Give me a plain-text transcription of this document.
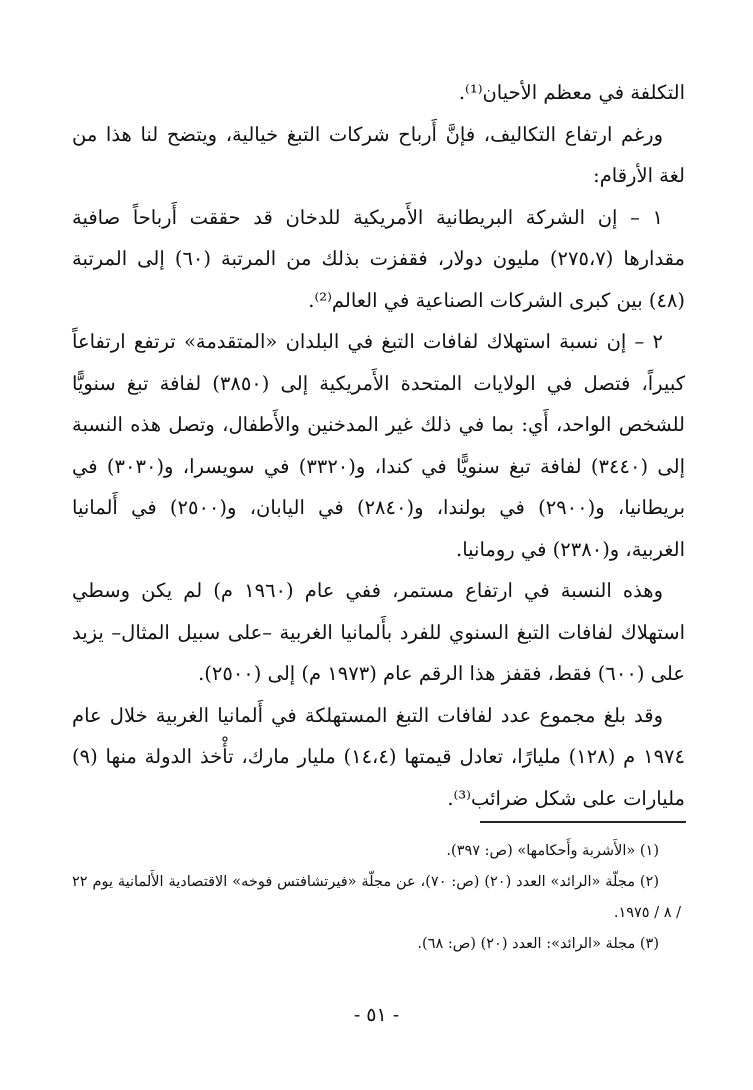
التكلفة في معظم الأحيان⁽¹⁾.

ورغم ارتفاع التكاليف، فإنَّ أَرباح شركات التبغ خيالية، ويتضح لنا هذا من لغة الأرقام:

١ – إن الشركة البريطانية الأَمريكية للدخان قد حققت أَرباحاً صافية مقدارها (٢٧٥،٧) مليون دولار، فقفزت بذلك من المرتبة (٦٠) إلى المرتبة (٤٨) بين كبرى الشركات الصناعية في العالم⁽²⁾.

٢ – إن نسبة استهلاك لفافات التبغ في البلدان «المتقدمة» ترتفع ارتفاعاً كبيراً، فتصل في الولايات المتحدة الأَمريكية إلى (٣٨٥٠) لفافة تبغ سنويًّا للشخص الواحد، أَي: بما في ذلك غير المدخنين والأَطفال، وتصل هذه النسبة إلى (٣٤٤٠) لفافة تبغ سنويًّا في كندا، و(٣٣٢٠) في سويسرا، و(٣٠٣٠) في بريطانيا، و(٢٩٠٠) في بولندا، و(٢٨٤٠) في اليابان، و(٢٥٠٠) في أَلمانيا الغربية، و(٢٣٨٠) في رومانيا.

وهذه النسبة في ارتفاع مستمر، ففي عام (١٩٦٠ م) لم يكن وسطي استهلاك لفافات التبغ السنوي للفرد بأَلمانيا الغربية –على سبيل المثال– يزيد على (٦٠٠) فقط، فقفز هذا الرقم عام (١٩٧٣ م) إلى (٢٥٠٠).

وقد بلغ مجموع عدد لفافات التبغ المستهلكة في أَلمانيا الغربية خلال عام ١٩٧٤ م (١٢٨) مليارًا، تعادل قيمتها (١٤،٤) مليار مارك، تأْخذ الدولة منها (٩) مليارات على شكل ضرائب⁽³⁾.

(١) «الأَشربة وأَحكامها» (ص: ٣٩٧).

(٢) مجلّة «الرائد» العدد (٢٠) (ص: ٧٠)، عن مجلّة «فيرتشافتس فوخه» الاقتصادية الأَلمانية يوم ٢٢ / ٨ / ١٩٧٥.

(٣) مجلة «الرائد»: العدد (٢٠) (ص: ٦٨).

- ٥١ -
